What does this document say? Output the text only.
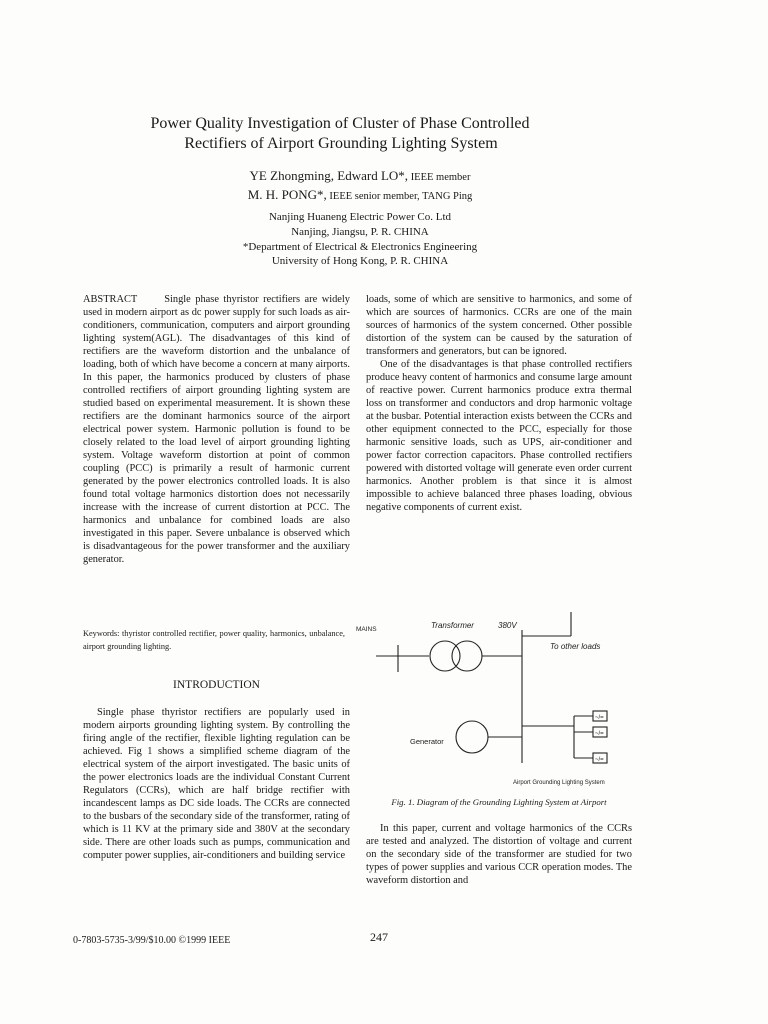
Power Quality Investigation of Cluster of Phase Controlled
Rectifiers of Airport Grounding Lighting System
YE Zhongming, Edward LO*, IEEE member
M. H. PONG*, IEEE senior member, TANG Ping
Nanjing Huaneng Electric Power Co. Ltd
Nanjing, Jiangsu, P. R. CHINA
*Department of Electrical & Electronics Engineering
University of Hong Kong, P. R. CHINA

ABSTRACT	Single phase thyristor rectifiers are widely used in modern airport as dc power supply for such loads as air-conditioners, communication, computers and airport grounding lighting system(AGL). The disadvantages of this kind of rectifiers are the waveform distortion and the unbalance of loading, both of which have become a concern at many airports. In this paper, the harmonics produced by clusters of phase controlled rectifiers of airport grounding lighting system are studied based on experimental measurement. It is shown these rectifiers are the dominant harmonics source of the airport electrical power system. Harmonic pollution is found to be closely related to the load level of airport grounding lighting system. Voltage waveform distortion at point of common coupling (PCC) is primarily a result of harmonic current generated by the power electronics controlled loads. It is also found total voltage harmonics distortion does not necessarily increase with the increase of current distortion at PCC. The harmonics and unbalance for combined loads are also investigated in this paper. Severe unbalance is observed which is disadvantageous for the power transformer and the auxiliary generator.

loads, some of which are sensitive to harmonics, and some of which are sources of harmonics. CCRs are one of the main sources of harmonics of the system concerned. Other possible distortion of the system can be caused by the saturation of transformers and generators, but can be ignored.

One of the disadvantages is that phase controlled rectifiers produce heavy content of harmonics and consume large amount of reactive power. Current harmonics produce extra thermal loss on transformer and conductors and drop harmonic voltage at the busbar. Potential interaction exists between the CCRs and other equipment connected to the PCC, especially for those harmonic sensitive loads, such as UPS, air-conditioner and power factor correction capacitors. Phase controlled rectifiers powered with distorted voltage will generate even order current harmonics. Another problem is that since it is almost impossible to achieve balanced three phases loading, obvious negative components of current exist.

Keywords: thyristor controlled rectifier, power quality, harmonics, unbalance, airport grounding lighting.
INTRODUCTION

Single phase thyristor rectifiers are popularly used in modern airports grounding lighting system. By controlling the firing angle of the rectifier, flexible lighting regulation can be achieved. Fig 1 shows a simplified scheme diagram of the electrical system of the airport investigated. The basic units of the power electronics loads are the individual Constant Current Regulators (CCRs), which are half bridge rectifier with incandescent lamps as DC side loads. The CCRs are connected to the busbars of the secondary side of the transformer, rating of which is 11 KV at the primary side and 380V at the secondary side. There are other loads such as pumps, communication and computer power supplies, air-conditioners and building service

~/=
~/=
~/=
MAINS	Transformer	380V
To other loads
Generator
Airport Grounding Lighting System
Fig. 1. Diagram of the Grounding Lighting System at Airport

In this paper, current and voltage harmonics of the CCRs are tested and analyzed. The distortion of voltage and current on the secondary side of the transformer are studied for two types of power supplies and various CCR operation modes. The waveform distortion and

0-7803-5735-3/99/$10.00 ©1999 IEEE	247
